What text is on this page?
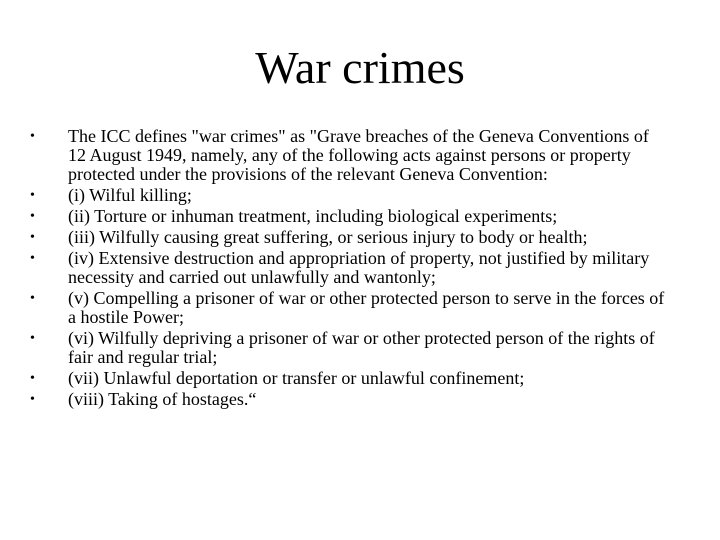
War crimes
• The ICC defines "war crimes" as "Grave breaches of the Geneva Conventions of 12 August 1949, namely, any of the following acts against persons or property protected under the provisions of the relevant Geneva Convention:
• (i) Wilful killing;
• (ii) Torture or inhuman treatment, including biological experiments;
• (iii) Wilfully causing great suffering, or serious injury to body or health;
• (iv) Extensive destruction and appropriation of property, not justified by military necessity and carried out unlawfully and wantonly;
• (v) Compelling a prisoner of war or other protected person to serve in the forces of a hostile Power;
• (vi) Wilfully depriving a prisoner of war or other protected person of the rights of fair and regular trial;
• (vii) Unlawful deportation or transfer or unlawful confinement;
• (viii) Taking of hostages.“
